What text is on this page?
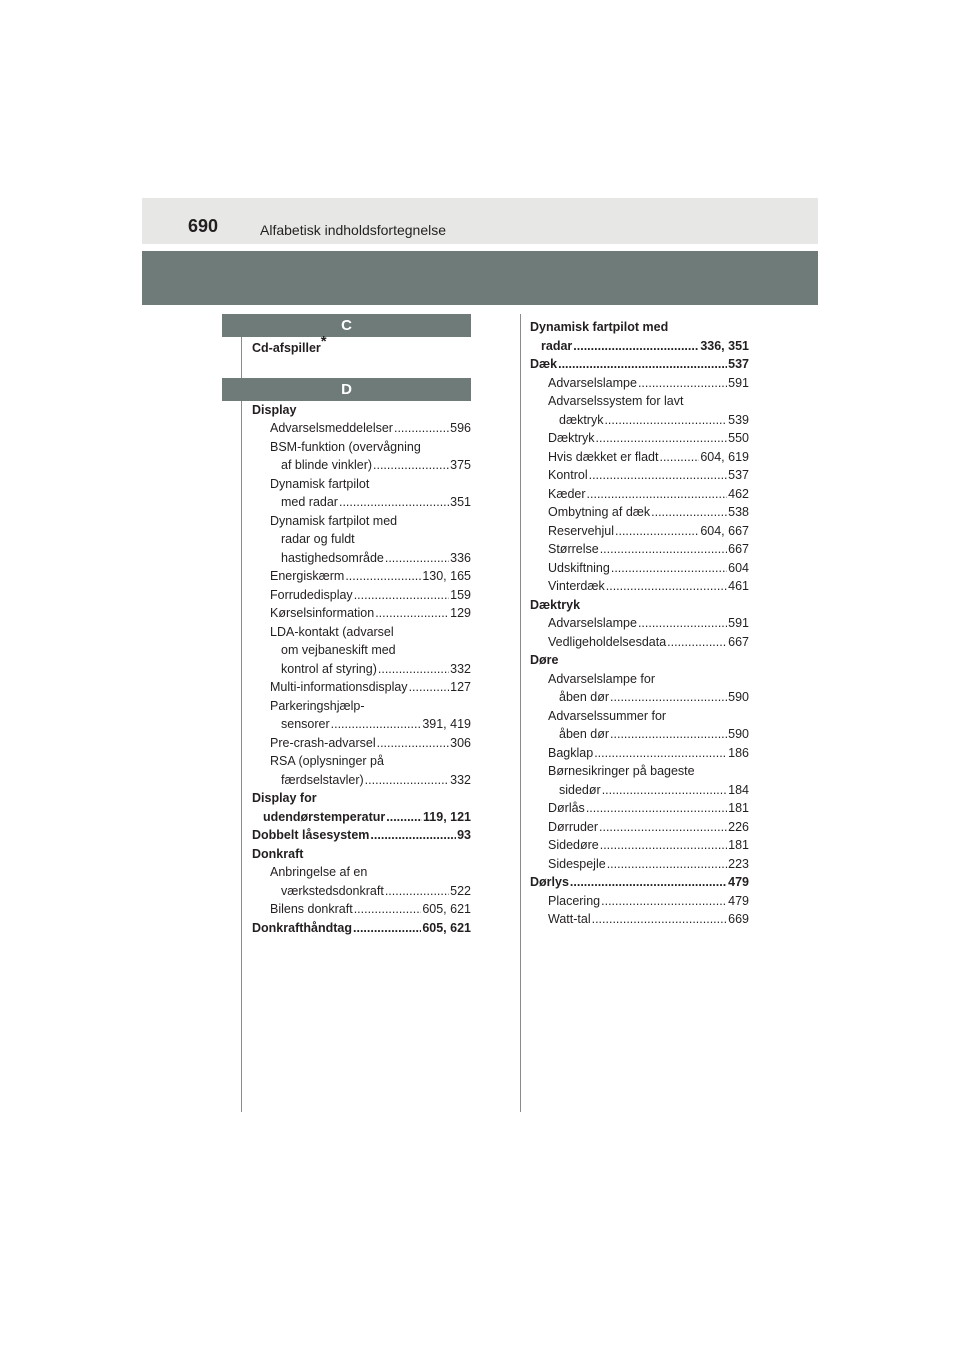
690	Alfabetisk indholdsfortegnelse
C
Cd-afspiller*
D
Display
Advarselsmeddelelser .....	596
BSM-funktion (overvågning
af blinde vinkler) .....	375
Dynamisk fartpilot
med radar .....	351
Dynamisk fartpilot med
radar og fuldt
hastighedsområde .....	336
Energiskærm .....	130, 165
Forrudedisplay .....	159
Kørselsinformation .....	129
LDA-kontakt (advarsel
om vejbaneskift med
kontrol af styring) .....	332
Multi-informationsdisplay .....	127
Parkeringshjælp-
sensorer .....	391, 419
Pre-crash-advarsel .....	306
RSA (oplysninger på
færdselstavler) .....	332
Display for
udendørstemperatur .....	119, 121
Dobbelt låsesystem .....	93
Donkraft
Anbringelse af en
værkstedsdonkraft .....	522
Bilens donkraft .....	605, 621
Donkrafthåndtag .....	605, 621
Dynamisk fartpilot med
radar .....	336, 351
Dæk .....	537
Advarselslampe .....	591
Advarselssystem for lavt
dæktryk .....	539
Dæktryk .....	550
Hvis dækket er fladt .....	604, 619
Kontrol .....	537
Kæder .....	462
Ombytning af dæk .....	538
Reservehjul .....	604, 667
Størrelse .....	667
Udskiftning .....	604
Vinterdæk .....	461
Dæktryk
Advarselslampe .....	591
Vedligeholdelsesdata .....	667
Døre
Advarselslampe for
åben dør .....	590
Advarselssummer for
åben dør .....	590
Bagklap .....	186
Børnesikringer på bageste
sidedør .....	184
Dørlås .....	181
Dørruder .....	226
Sidedøre .....	181
Sidespejle .....	223
Dørlys .....	479
Placering .....	479
Watt-tal .....	669
